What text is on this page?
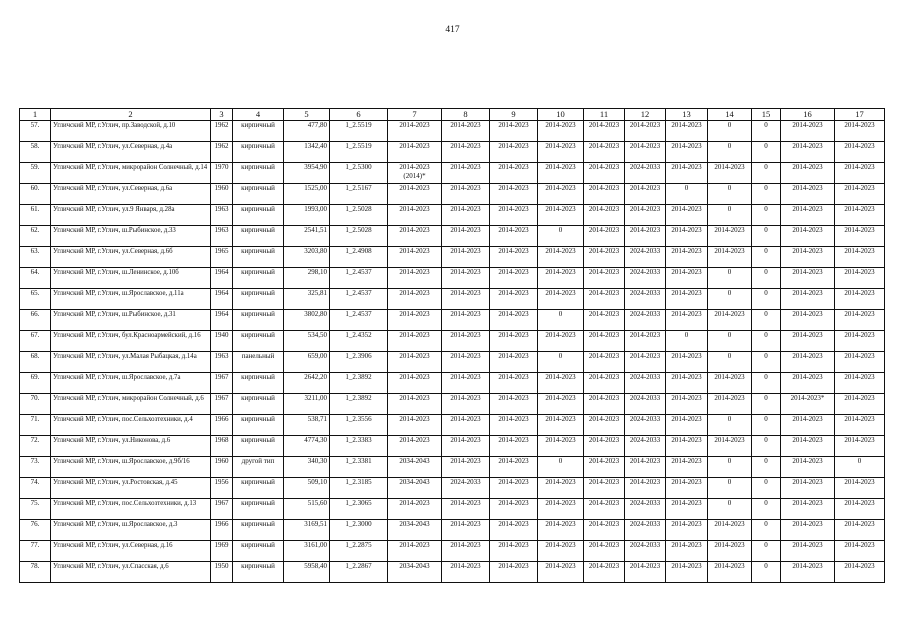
417
1	2	3	4	5	6	7	8	9	10	11	12	13	14	15	16	17
57.	Угличский МР, г.Углич, пр.Заводской, д.10	1962	кирпичный	477,80	1_2.5519	2014-2023	2014-2023	2014-2023	2014-2023	2014-2023	2014-2023	2014-2023	0	0	2014-2023	2014-2023
58.	Угличский МР, г.Углич, ул.Северная, д.4а	1962	кирпичный	1342,40	1_2.5519	2014-2023	2014-2023	2014-2023	2014-2023	2014-2023	2014-2023	2014-2023	0	0	2014-2023	2014-2023
59.	Угличский МР, г.Углич, микрорайон Солнечный, д.14	1970	кирпичный	3954,90	1_2.5300	2014-2023 (2014)*	2014-2023	2014-2023	2014-2023	2014-2023	2024-2033	2014-2023	2014-2023	0	2014-2023	2014-2023
60.	Угличский МР, г.Углич, ул.Северная, д.6а	1960	кирпичный	1525,00	1_2.5167	2014-2023	2014-2023	2014-2023	2014-2023	2014-2023	2014-2023	0	0	0	2014-2023	2014-2023
61.	Угличский МР, г.Углич, ул.9 Января, д.28а	1963	кирпичный	1993,00	1_2.5028	2014-2023	2014-2023	2014-2023	2014-2023	2014-2023	2014-2023	2014-2023	0	0	2014-2023	2014-2023
62.	Угличский МР, г.Углич, ш.Рыбинское, д.33	1963	кирпичный	2541,51	1_2.5028	2014-2023	2014-2023	2014-2023	0	2014-2023	2014-2023	2014-2023	2014-2023	0	2014-2023	2014-2023
63.	Угличский МР, г.Углич, ул.Северная, д.6б	1965	кирпичный	3203,80	1_2.4908	2014-2023	2014-2023	2014-2023	2014-2023	2014-2023	2024-2033	2014-2023	2014-2023	0	2014-2023	2014-2023
64.	Угличский МР, г.Углич, ш.Ленинское, д.10б	1964	кирпичный	298,10	1_2.4537	2014-2023	2014-2023	2014-2023	2014-2023	2014-2023	2024-2033	2014-2023	0	0	2014-2023	2014-2023
65.	Угличский МР, г.Углич, ш.Ярославское, д.11а	1964	кирпичный	325,81	1_2.4537	2014-2023	2014-2023	2014-2023	2014-2023	2014-2023	2024-2033	2014-2023	0	0	2014-2023	2014-2023
66.	Угличский МР, г.Углич, ш.Рыбинское, д.31	1964	кирпичный	3802,80	1_2.4537	2014-2023	2014-2023	2014-2023	0	2014-2023	2024-2033	2014-2023	2014-2023	0	2014-2023	2014-2023
67.	Угличский МР, г.Углич, бул.Красноармейский, д.16	1940	кирпичный	534,50	1_2.4352	2014-2023	2014-2023	2014-2023	2014-2023	2014-2023	2014-2023	0	0	0	2014-2023	2014-2023
68.	Угличский МР, г.Углич, ул.Малая Рыбацкая, д.14а	1963	панельный	659,00	1_2.3906	2014-2023	2014-2023	2014-2023	0	2014-2023	2014-2023	2014-2023	0	0	2014-2023	2014-2023
69.	Угличский МР, г.Углич, ш.Ярославское, д.7а	1967	кирпичный	2642,20	1_2.3892	2014-2023	2014-2023	2014-2023	2014-2023	2014-2023	2024-2033	2014-2023	2014-2023	0	2014-2023	2014-2023
70.	Угличский МР, г.Углич, микрорайон Солнечный, д.6	1967	кирпичный	3211,00	1_2.3892	2014-2023	2014-2023	2014-2023	2014-2023	2014-2023	2024-2033	2014-2023	2014-2023	0	2014-2023*	2014-2023
71.	Угличский МР, г.Углич, пос.Сельхозтехники, д.4	1966	кирпичный	538,71	1_2.3556	2014-2023	2014-2023	2014-2023	2014-2023	2014-2023	2024-2033	2014-2023	0	0	2014-2023	2014-2023
72.	Угличский МР, г.Углич, ул.Никонова, д.6	1968	кирпичный	4774,30	1_2.3383	2014-2023	2014-2023	2014-2023	2014-2023	2014-2023	2024-2033	2014-2023	2014-2023	0	2014-2023	2014-2023
73.	Угличский МР, г.Углич, ш.Ярославское, д.9б/16	1960	другой тип	340,30	1_2.3381	2034-2043	2014-2023	2014-2023	0	2014-2023	2014-2023	2014-2023	0	0	2014-2023	0
74.	Угличский МР, г.Углич, ул.Ростовская, д.45	1956	кирпичный	509,10	1_2.3185	2034-2043	2024-2033	2014-2023	2014-2023	2014-2023	2014-2023	2014-2023	0	0	2014-2023	2014-2023
75.	Угличский МР, г.Углич, пос.Сельхозтехники, д.13	1967	кирпичный	515,60	1_2.3065	2014-2023	2014-2023	2014-2023	2014-2023	2014-2023	2024-2033	2014-2023	0	0	2014-2023	2014-2023
76.	Угличский МР, г.Углич, ш.Ярославское, д.3	1966	кирпичный	3169,51	1_2.3000	2034-2043	2014-2023	2014-2023	2014-2023	2014-2023	2024-2033	2014-2023	2014-2023	0	2014-2023	2014-2023
77.	Угличский МР, г.Углич, ул.Северная, д.16	1969	кирпичный	3161,00	1_2.2875	2014-2023	2014-2023	2014-2023	2014-2023	2014-2023	2024-2033	2014-2023	2014-2023	0	2014-2023	2014-2023
78.	Угличский МР, г.Углич, ул.Спасская, д.6	1950	кирпичный	5958,40	1_2.2867	2034-2043	2014-2023	2014-2023	2014-2023	2014-2023	2014-2023	2014-2023	2014-2023	0	2014-2023	2014-2023
